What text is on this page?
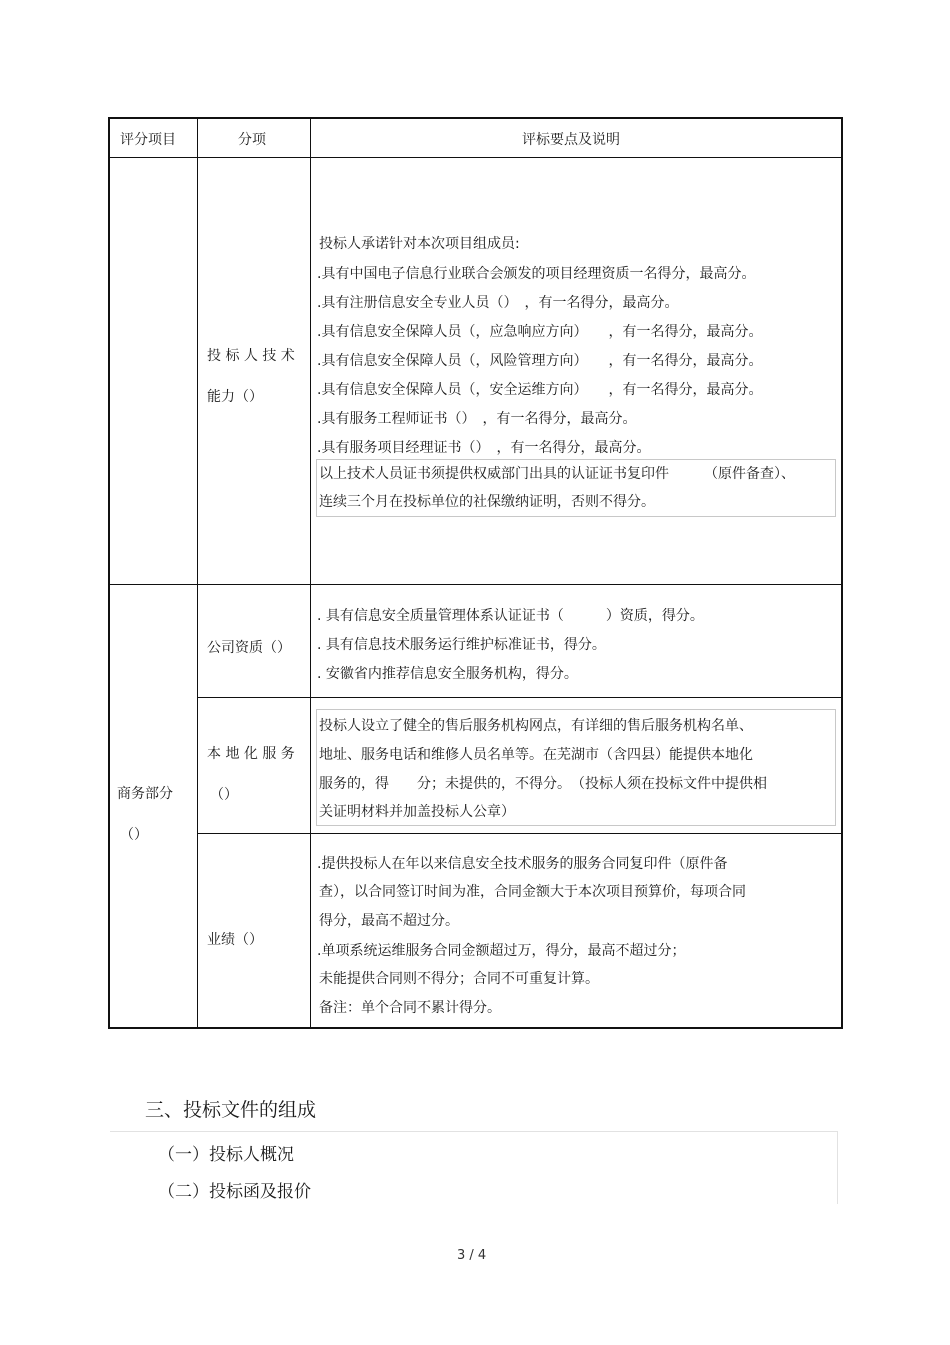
评分项目	分项	评标要点及说明
投 标 人 技 术
能力（）
投标人承诺针对本次项目组成员:
.具有中国电子信息行业联合会颁发的项目经理资质一名得分，最高分。
.具有注册信息安全专业人员（）　，有一名得分，最高分。
.具有信息安全保障人员（，应急响应方向）　　，有一名得分，最高分。
.具有信息安全保障人员（，风险管理方向）　　，有一名得分，最高分。
.具有信息安全保障人员（，安全运维方向）　　，有一名得分，最高分。
.具有服务工程师证书（）　，有一名得分，最高分。
.具有服务项目经理证书（）　，有一名得分，最高分。
以上技术人员证书须提供权威部门出具的认证证书复印件　　　（原件备查）、
连续三个月在投标单位的社保缴纳证明，否则不得分。
商务部分
（）
公司资质（）
. 具有信息安全质量管理体系认证证书（　　　）资质，得分。
. 具有信息技术服务运行维护标准证书，得分。
. 安徽省内推荐信息安全服务机构，得分。
本 地 化 服 务
（）
投标人设立了健全的售后服务机构网点，有详细的售后服务机构名单、
地址、服务电话和维修人员名单等。在芜湖市（含四县）能提供本地化
服务的，得　　分；未提供的，不得分。　（投标人须在投标文件中提供相
关证明材料并加盖投标人公章）
业绩（）
.提供投标人在年以来信息安全技术服务的服务合同复印件（原件备
查），以合同签订时间为准，合同金额大于本次项目预算价，每项合同
得分，最高不超过分。
.单项系统运维服务合同金额超过万，得分，最高不超过分；
未能提供合同则不得分；合同不可重复计算。
备注：单个合同不累计得分。
三、投标文件的组成
（一）投标人概况
（二）投标函及报价
3 / 4
